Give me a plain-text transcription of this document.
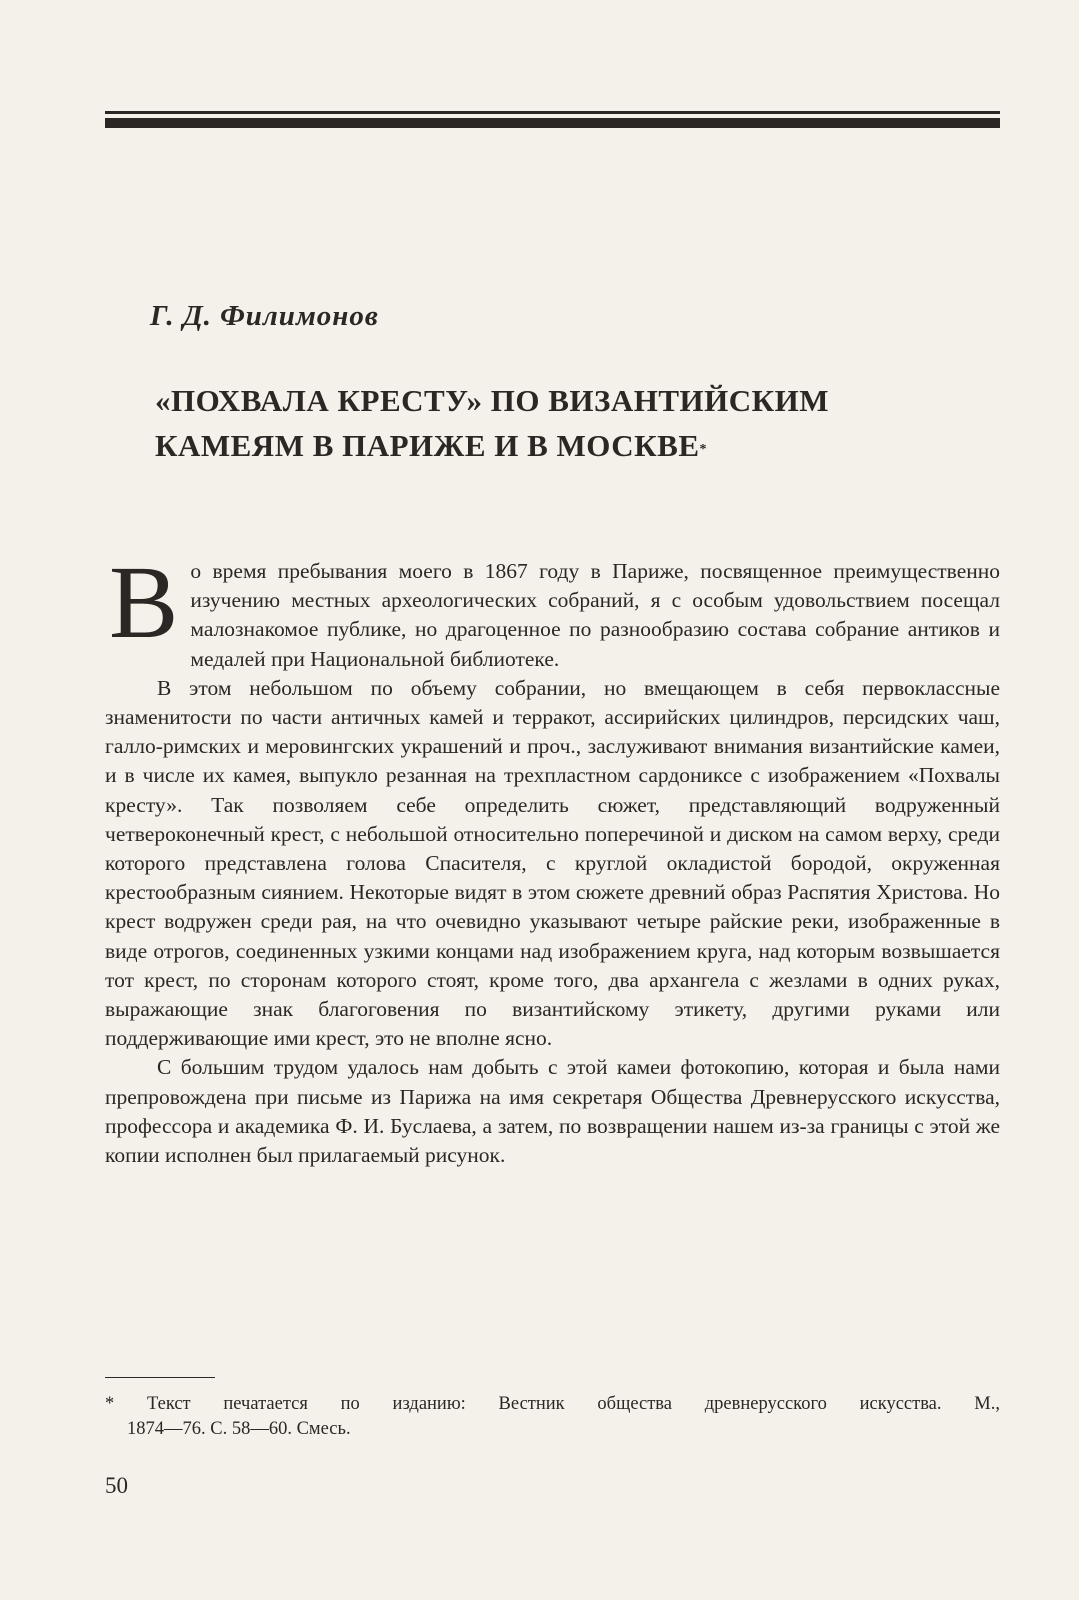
Г. Д. Филимонов
«ПОХВАЛА КРЕСТУ» ПО ВИЗАНТИЙСКИМ
КАМЕЯМ В ПАРИЖЕ И В МОСКВЕ*

Во время пребывания моего в 1867 году в Париже, посвященное преимущественно изучению местных археологических собраний, я с особым удовольствием посещал малознакомое публике, но драгоценное по разнообразию состава собрание антиков и медалей при Национальной библиотеке.

В этом небольшом по объему собрании, но вмещающем в себя первоклассные знаменитости по части античных камей и терракот, ассирийских цилиндров, персидских чаш, галло-римских и меровингских украшений и проч., заслуживают внимания византийские камеи, и в числе их камея, выпукло резанная на трехпластном сардониксе с изображением «Похвалы кресту». Так позволяем себе определить сюжет, представляющий водруженный четвероконечный крест, с небольшой относительно поперечиной и диском на самом верху, среди которого представлена голова Спасителя, с круглой окладистой бородой, окруженная крестообразным сиянием. Некоторые видят в этом сюжете древний образ Распятия Христова. Но крест водружен среди рая, на что очевидно указывают четыре райские реки, изображенные в виде отрогов, соединенных узкими концами над изображением круга, над которым возвышается тот крест, по сторонам которого стоят, кроме того, два архангела с жезлами в одних руках, выражающие знак благоговения по византийскому этикету, другими руками или поддерживающие ими крест, это не вполне ясно.

С большим трудом удалось нам добыть с этой камеи фотокопию, которая и была нами препровождена при письме из Парижа на имя секретаря Общества Древнерусского искусства, профессора и академика Ф. И. Буслаева, а затем, по возвращении нашем из-за границы с этой же копии исполнен был прилагаемый рисунок.

* Текст печатается по изданию: Вестник общества древнерусского искусства. М.,
1874—76. С. 58—60. Смесь.
50
